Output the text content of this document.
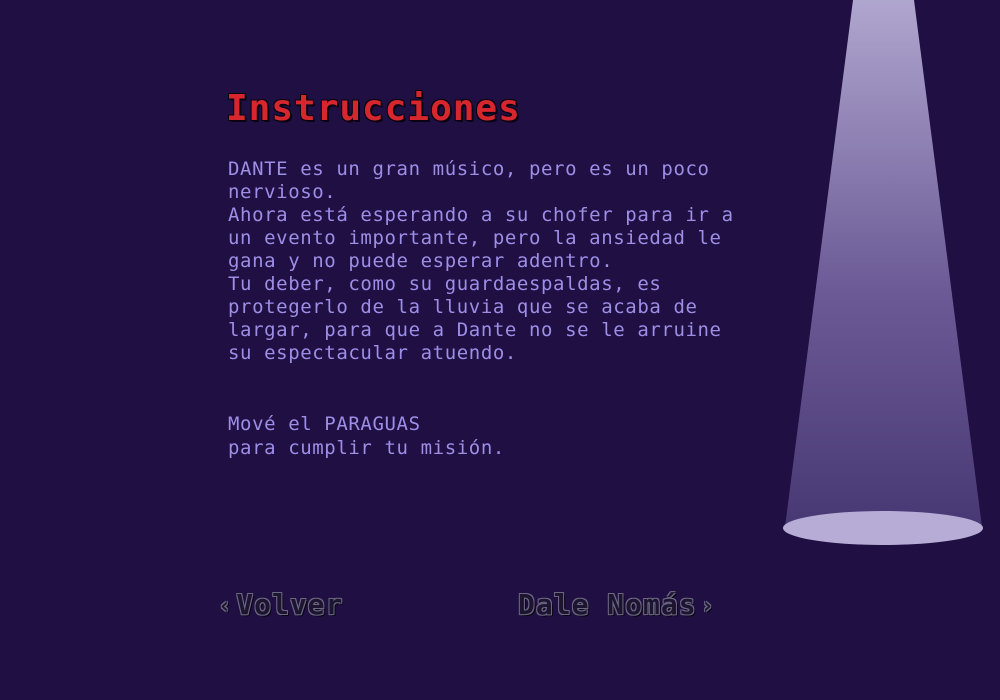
Instrucciones
DANTE es un gran músico, pero es un poco nervioso.
Ahora está esperando a su chofer para ir a un evento importante, pero la ansiedad le gana y no puede esperar adentro.
Tu deber, como su guardaespaldas, es protegerlo de la lluvia que se acaba de largar, para que a Dante no se le arruine su espectacular atuendo.
Mové el PARAGUAS
para cumplir tu misión.
‹ Volver	Dale Nomás ›
